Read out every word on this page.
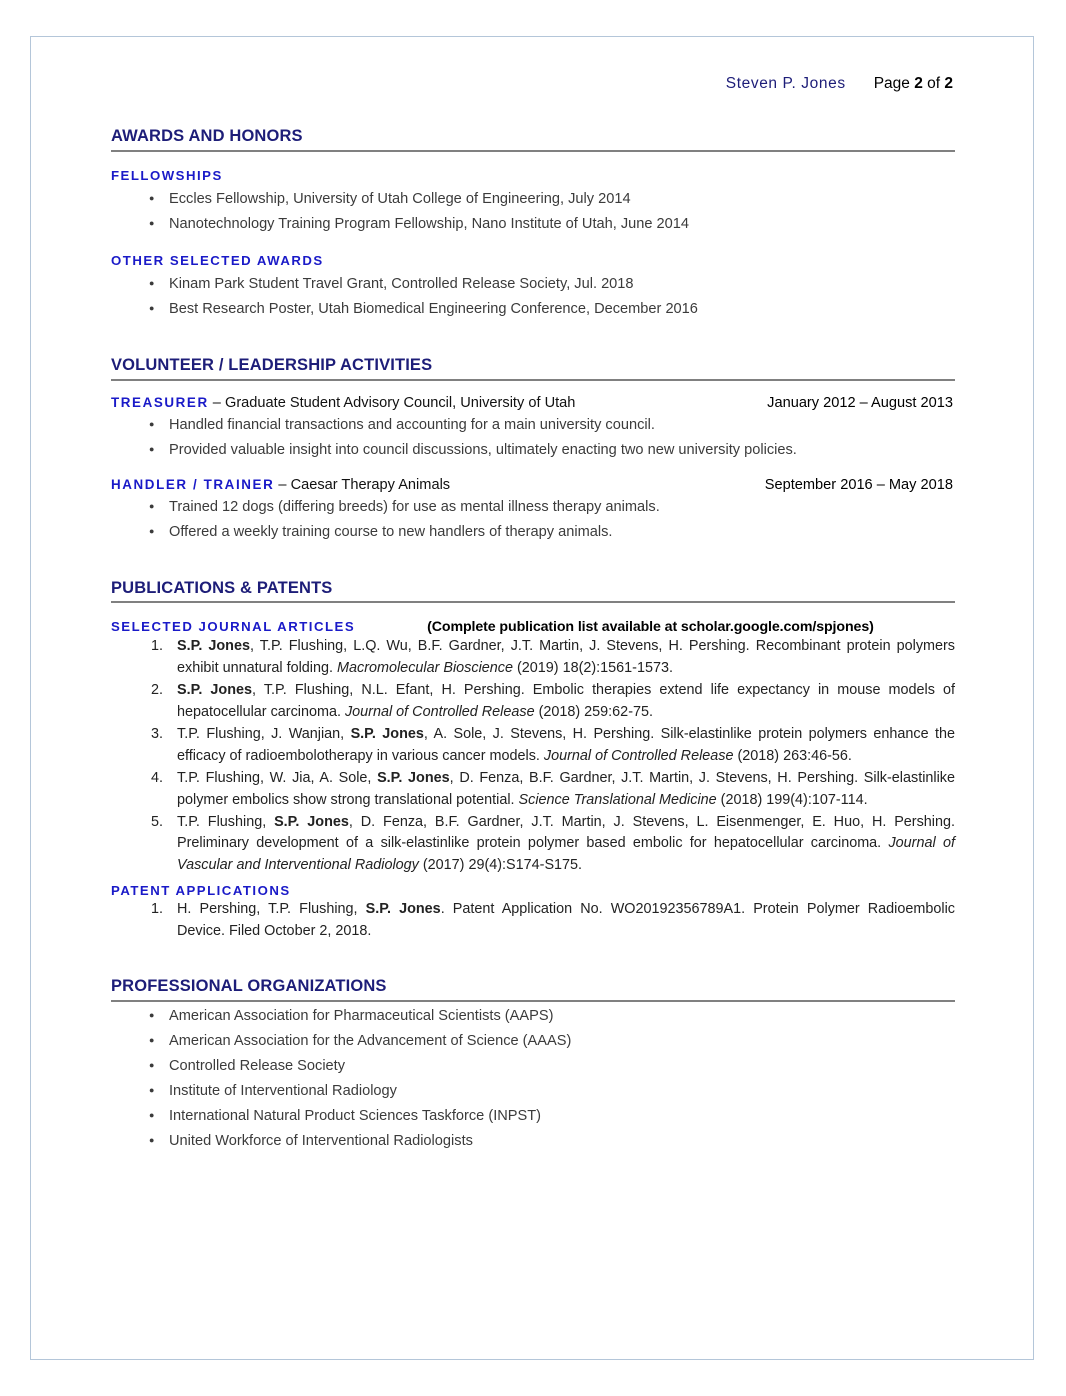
Steven P. Jones Page 2 of 2
AWARDS AND HONORS
FELLOWSHIPS
● Eccles Fellowship, University of Utah College of Engineering, July 2014
● Nanotechnology Training Program Fellowship, Nano Institute of Utah, June 2014
OTHER SELECTED AWARDS
● Kinam Park Student Travel Grant, Controlled Release Society, Jul. 2018
● Best Research Poster, Utah Biomedical Engineering Conference, December 2016
VOLUNTEER / LEADERSHIP ACTIVITIES
TREASURER – Graduate Student Advisory Council, University of Utah	January 2012 – August 2013
● Handled financial transactions and accounting for a main university council.
● Provided valuable insight into council discussions, ultimately enacting two new university policies.
HANDLER / TRAINER – Caesar Therapy Animals	September 2016 – May 2018
● Trained 12 dogs (differing breeds) for use as mental illness therapy animals.
● Offered a weekly training course to new handlers of therapy animals.
PUBLICATIONS & PATENTS
SELECTED JOURNAL ARTICLES	(Complete publication list available at scholar.google.com/spjones)
S.P. Jones, T.P. Flushing, L.Q. Wu, B.F. Gardner, J.T. Martin, J. Stevens, H. Pershing. Recombinant protein polymers exhibit unnatural folding. Macromolecular Bioscience (2019) 18(2):1561-1573.
S.P. Jones, T.P. Flushing, N.L. Efant, H. Pershing. Embolic therapies extend life expectancy in mouse models of hepatocellular carcinoma. Journal of Controlled Release (2018) 259:62-75.
T.P. Flushing, J. Wanjian, S.P. Jones, A. Sole, J. Stevens, H. Pershing. Silk-elastinlike protein polymers enhance the efficacy of radioembolotherapy in various cancer models. Journal of Controlled Release (2018) 263:46-56.
T.P. Flushing, W. Jia, A. Sole, S.P. Jones, D. Fenza, B.F. Gardner, J.T. Martin, J. Stevens, H. Pershing. Silk-elastinlike polymer embolics show strong translational potential. Science Translational Medicine (2018) 199(4):107-114.
T.P. Flushing, S.P. Jones, D. Fenza, B.F. Gardner, J.T. Martin, J. Stevens, L. Eisenmenger, E. Huo, H. Pershing. Preliminary development of a silk-elastinlike protein polymer based embolic for hepatocellular carcinoma. Journal of Vascular and Interventional Radiology (2017) 29(4):S174-S175.
PATENT APPLICATIONS
H. Pershing, T.P. Flushing, S.P. Jones. Patent Application No. WO20192356789A1. Protein Polymer Radioembolic Device. Filed October 2, 2018.
PROFESSIONAL ORGANIZATIONS
● American Association for Pharmaceutical Scientists (AAPS)
● American Association for the Advancement of Science (AAAS)
● Controlled Release Society
● Institute of Interventional Radiology
● International Natural Product Sciences Taskforce (INPST)
● United Workforce of Interventional Radiologists
